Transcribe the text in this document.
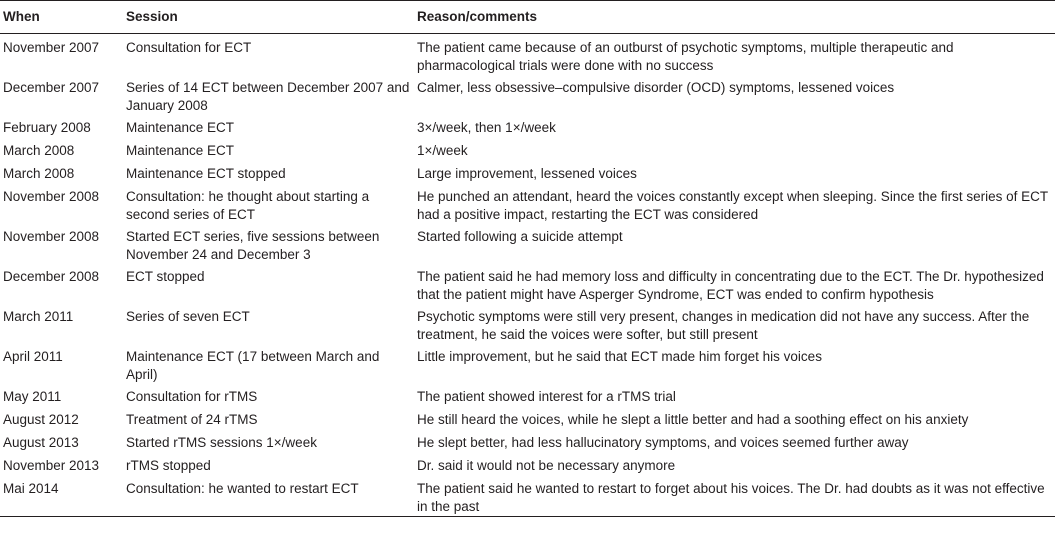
When	Session	Reason/comments
November 2007	Consultation for ECT	The patient came because of an outburst of psychotic symptoms, multiple therapeutic and pharmacological trials were done with no success
December 2007	Series of 14 ECT between December 2007 and January 2008	Calmer, less obsessive–compulsive disorder (OCD) symptoms, lessened voices
February 2008	Maintenance ECT	3×/week, then 1×/week
March 2008	Maintenance ECT	1×/week
March 2008	Maintenance ECT stopped	Large improvement, lessened voices
November 2008	Consultation: he thought about starting a second series of ECT	He punched an attendant, heard the voices constantly except when sleeping. Since the first series of ECT had a positive impact, restarting the ECT was considered
November 2008	Started ECT series, five sessions between November 24 and December 3	Started following a suicide attempt
December 2008	ECT stopped	The patient said he had memory loss and difficulty in concentrating due to the ECT. The Dr. hypothesized that the patient might have Asperger Syndrome, ECT was ended to confirm hypothesis
March 2011	Series of seven ECT	Psychotic symptoms were still very present, changes in medication did not have any success. After the treatment, he said the voices were softer, but still present
April 2011	Maintenance ECT (17 between March and April)	Little improvement, but he said that ECT made him forget his voices
May 2011	Consultation for rTMS	The patient showed interest for a rTMS trial
August 2012	Treatment of 24 rTMS	He still heard the voices, while he slept a little better and had a soothing effect on his anxiety
August 2013	Started rTMS sessions 1×/week	He slept better, had less hallucinatory symptoms, and voices seemed further away
November 2013	rTMS stopped	Dr. said it would not be necessary anymore
Mai 2014	Consultation: he wanted to restart ECT	The patient said he wanted to restart to forget about his voices. The Dr. had doubts as it was not effective in the past
